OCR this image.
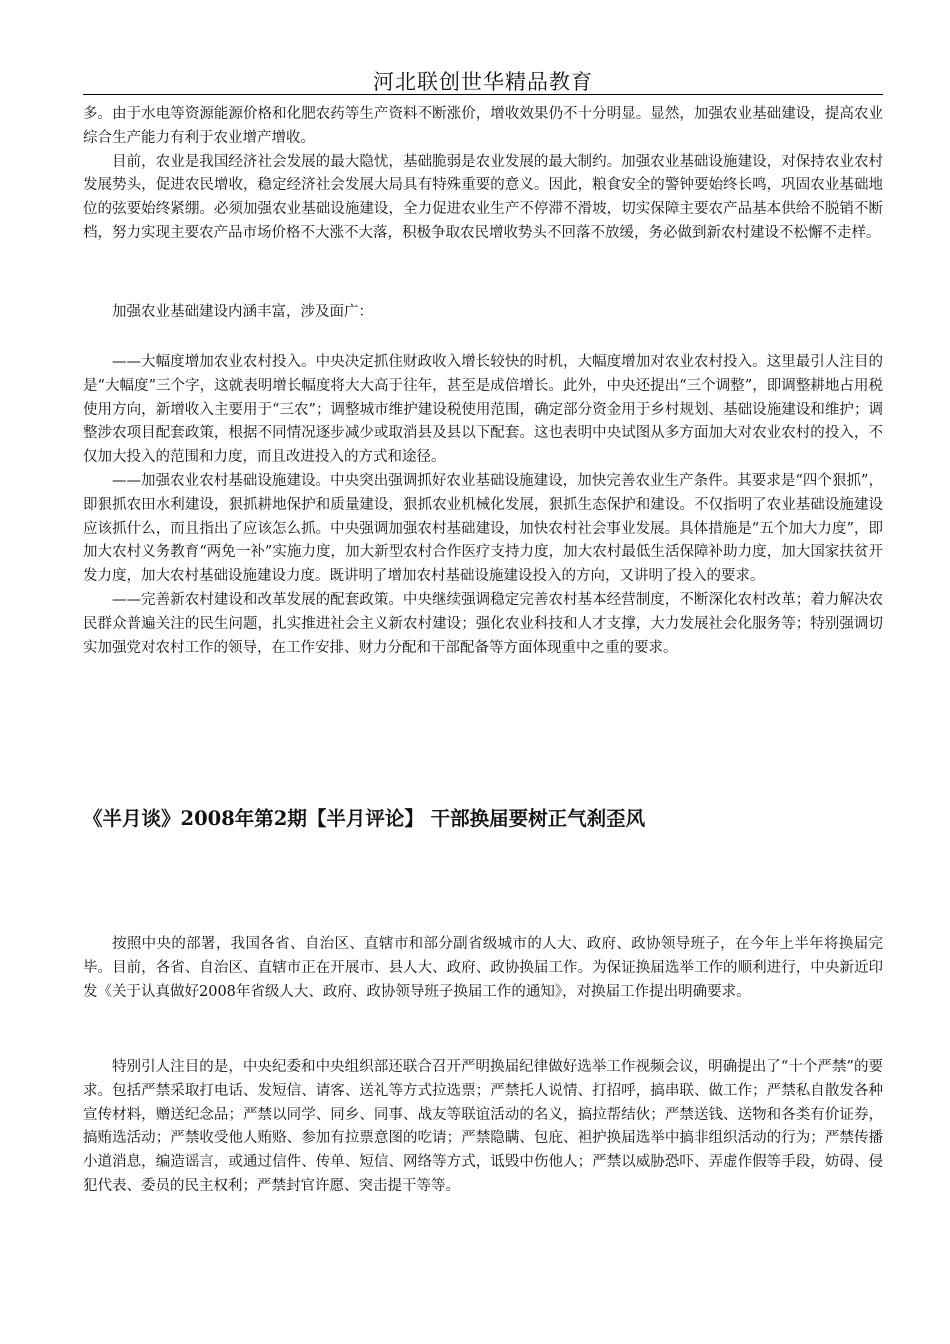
河北联创世华精品教育

多。由于水电等资源能源价格和化肥农药等生产资料不断涨价，增收效果仍不十分明显。显然，加强农业基础建设，提高农业综合生产能力有利于农业增产增收。

目前，农业是我国经济社会发展的最大隐忧，基础脆弱是农业发展的最大制约。加强农业基础设施建设，对保持农业农村发展势头，促进农民增收，稳定经济社会发展大局具有特殊重要的意义。因此，粮食安全的警钟要始终长鸣，巩固农业基础地位的弦要始终紧绷。必须加强农业基础设施建设，全力促进农业生产不停滞不滑坡，切实保障主要农产品基本供给不脱销不断档，努力实现主要农产品市场价格不大涨不大落，积极争取农民增收势头不回落不放缓，务必做到新农村建设不松懈不走样。

加强农业基础建设内涵丰富，涉及面广：

——大幅度增加农业农村投入。中央决定抓住财政收入增长较快的时机，大幅度增加对农业农村投入。这里最引人注目的是“大幅度”三个字，这就表明增长幅度将大大高于往年，甚至是成倍增长。此外，中央还提出“三个调整”，即调整耕地占用税使用方向，新增收入主要用于“三农”；调整城市维护建设税使用范围，确定部分资金用于乡村规划、基础设施建设和维护；调整涉农项目配套政策，根据不同情况逐步减少或取消县及县以下配套。这也表明中央试图从多方面加大对农业农村的投入，不仅加大投入的范围和力度，而且改进投入的方式和途径。

——加强农业农村基础设施建设。中央突出强调抓好农业基础设施建设，加快完善农业生产条件。其要求是“四个狠抓”，即狠抓农田水利建设，狠抓耕地保护和质量建设，狠抓农业机械化发展，狠抓生态保护和建设。不仅指明了农业基础设施建设应该抓什么，而且指出了应该怎么抓。中央强调加强农村基础建设，加快农村社会事业发展。具体措施是“五个加大力度”，即加大农村义务教育“两免一补”实施力度，加大新型农村合作医疗支持力度，加大农村最低生活保障补助力度，加大国家扶贫开发力度，加大农村基础设施建设力度。既讲明了增加农村基础设施建设投入的方向，又讲明了投入的要求。

——完善新农村建设和改革发展的配套政策。中央继续强调稳定完善农村基本经营制度，不断深化农村改革；着力解决农民群众普遍关注的民生问题，扎实推进社会主义新农村建设；强化农业科技和人才支撑，大力发展社会化服务等；特别强调切实加强党对农村工作的领导，在工作安排、财力分配和干部配备等方面体现重中之重的要求。

《半月谈》2008年第2期【半月评论】 干部换届要树正气刹歪风

按照中央的部署，我国各省、自治区、直辖市和部分副省级城市的人大、政府、政协领导班子，在今年上半年将换届完毕。目前，各省、自治区、直辖市正在开展市、县人大、政府、政协换届工作。为保证换届选举工作的顺利进行，中央新近印发《关于认真做好2008年省级人大、政府、政协领导班子换届工作的通知》，对换届工作提出明确要求。

特别引人注目的是，中央纪委和中央组织部还联合召开严明换届纪律做好选举工作视频会议，明确提出了“十个严禁”的要求。包括严禁采取打电话、发短信、请客、送礼等方式拉选票；严禁托人说情、打招呼，搞串联、做工作；严禁私自散发各种宣传材料，赠送纪念品；严禁以同学、同乡、同事、战友等联谊活动的名义，搞拉帮结伙；严禁送钱、送物和各类有价证券，搞贿选活动；严禁收受他人贿赂、参加有拉票意图的吃请；严禁隐瞒、包庇、袒护换届选举中搞非组织活动的行为；严禁传播小道消息，编造谣言，或通过信件、传单、短信、网络等方式，诋毁中伤他人；严禁以威胁恐吓、弄虚作假等手段，妨碍、侵犯代表、委员的民主权利；严禁封官许愿、突击提干等等。
